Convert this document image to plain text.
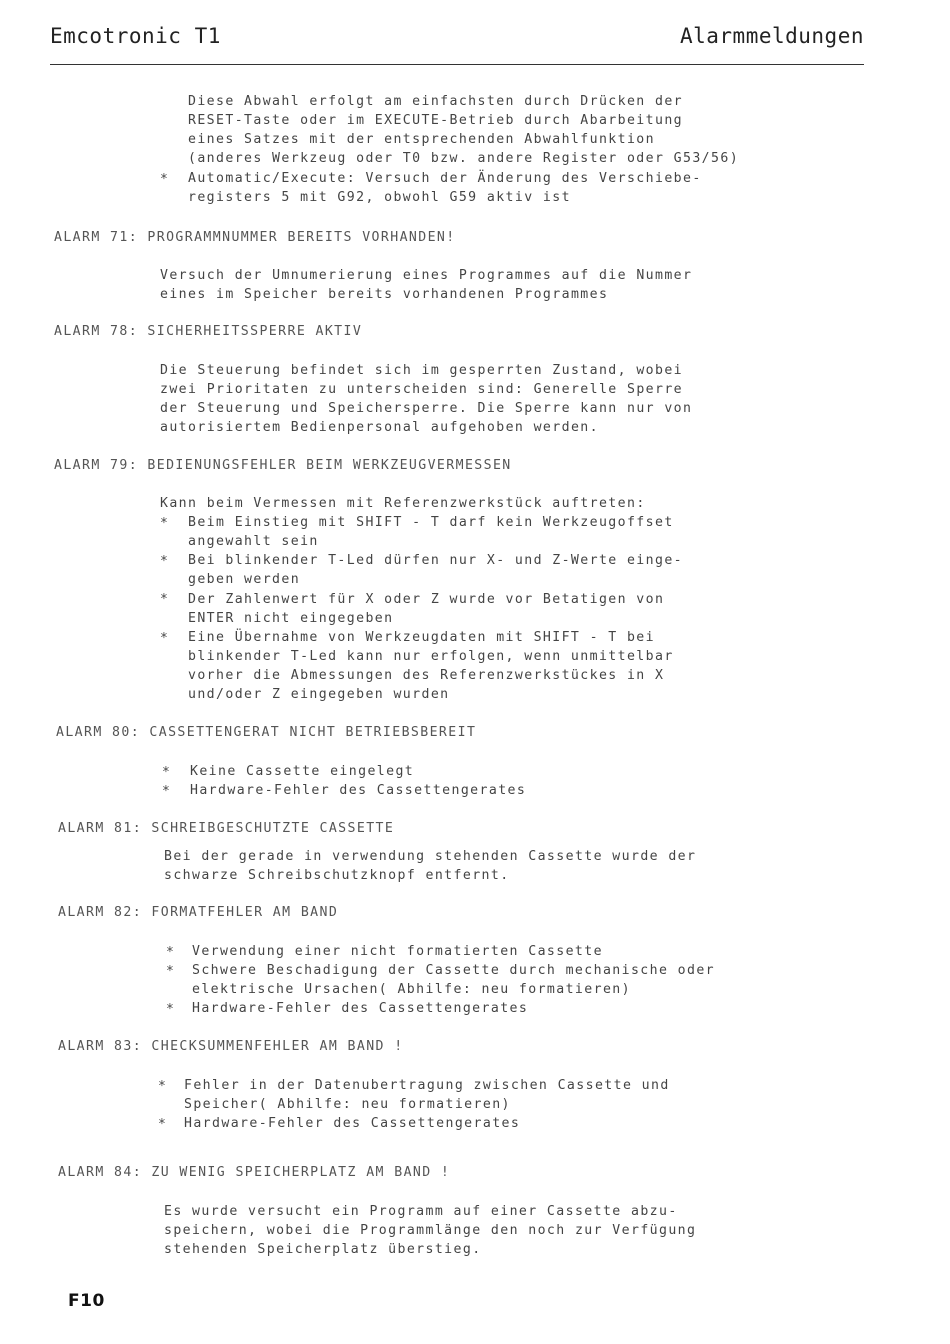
Emcotronic T1	Alarmmeldungen
Diese Abwahl erfolgt am einfachsten durch Drücken der
RESET-Taste oder im EXECUTE-Betrieb durch Abarbeitung
eines Satzes mit der entsprechenden Abwahlfunktion
(anderes Werkzeug oder T0 bzw. andere Register oder G53/56)
* Automatic/Execute: Versuch der Änderung des Verschiebe-
registers 5 mit G92, obwohl G59 aktiv ist
ALARM 71: PROGRAMMNUMMER BEREITS VORHANDEN!
Versuch der Umnumerierung eines Programmes auf die Nummer
eines im Speicher bereits vorhandenen Programmes
ALARM 78: SICHERHEITSSPERRE AKTIV
Die Steuerung befindet sich im gesperrten Zustand, wobei
zwei Prioritaten zu unterscheiden sind: Generelle Sperre
der Steuerung und Speichersperre. Die Sperre kann nur von
autorisiertem Bedienpersonal aufgehoben werden.
ALARM 79: BEDIENUNGSFEHLER BEIM WERKZEUGVERMESSEN
Kann beim Vermessen mit Referenzwerkstück auftreten:
* Beim Einstieg mit SHIFT - T darf kein Werkzeugoffset
angewahlt sein
* Bei blinkender T-Led dürfen nur X- und Z-Werte einge-
geben werden
* Der Zahlenwert für X oder Z wurde vor Betatigen von
ENTER nicht eingegeben
* Eine Übernahme von Werkzeugdaten mit SHIFT - T bei
blinkender T-Led kann nur erfolgen, wenn unmittelbar
vorher die Abmessungen des Referenzwerkstückes in X
und/oder Z eingegeben wurden
ALARM 80: CASSETTENGERAT NICHT BETRIEBSBEREIT
* Keine Cassette eingelegt
* Hardware-Fehler des Cassettengerates
ALARM 81: SCHREIBGESCHUTZTE CASSETTE
Bei der gerade in verwendung stehenden Cassette wurde der
schwarze Schreibschutzknopf entfernt.
ALARM 82: FORMATFEHLER AM BAND
* Verwendung einer nicht formatierten Cassette
* Schwere Beschadigung der Cassette durch mechanische oder
elektrische Ursachen( Abhilfe: neu formatieren)
* Hardware-Fehler des Cassettengerates
ALARM 83: CHECKSUMMENFEHLER AM BAND !
* Fehler in der Datenubertragung zwischen Cassette und
Speicher( Abhilfe: neu formatieren)
* Hardware-Fehler des Cassettengerates
ALARM 84: ZU WENIG SPEICHERPLATZ AM BAND !
Es wurde versucht ein Programm auf einer Cassette abzu-
speichern, wobei die Programmlänge den noch zur Verfügung
stehenden Speicherplatz überstieg.
F10
